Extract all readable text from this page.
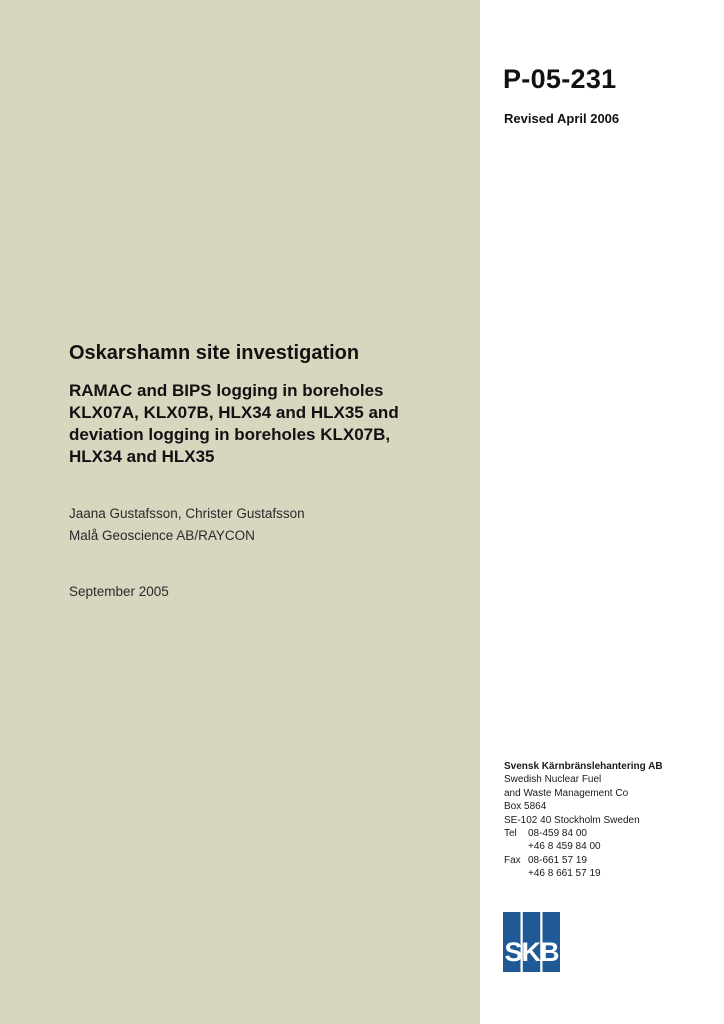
P-05-231
Revised April 2006
Oskarshamn site investigation
RAMAC and BIPS logging in boreholes
KLX07A, KLX07B, HLX34 and HLX35 and
deviation logging in boreholes KLX07B,
HLX34 and HLX35
Jaana Gustafsson, Christer Gustafsson
Malå Geoscience AB/RAYCON
September 2005
Svensk Kärnbränslehantering AB
Swedish Nuclear Fuel
and Waste Management Co
Box 5864
SE-102 40 Stockholm Sweden
Tel 08-459 84 00
+46 8 459 84 00
Fax 08-661 57 19
+46 8 661 57 19
SKB
